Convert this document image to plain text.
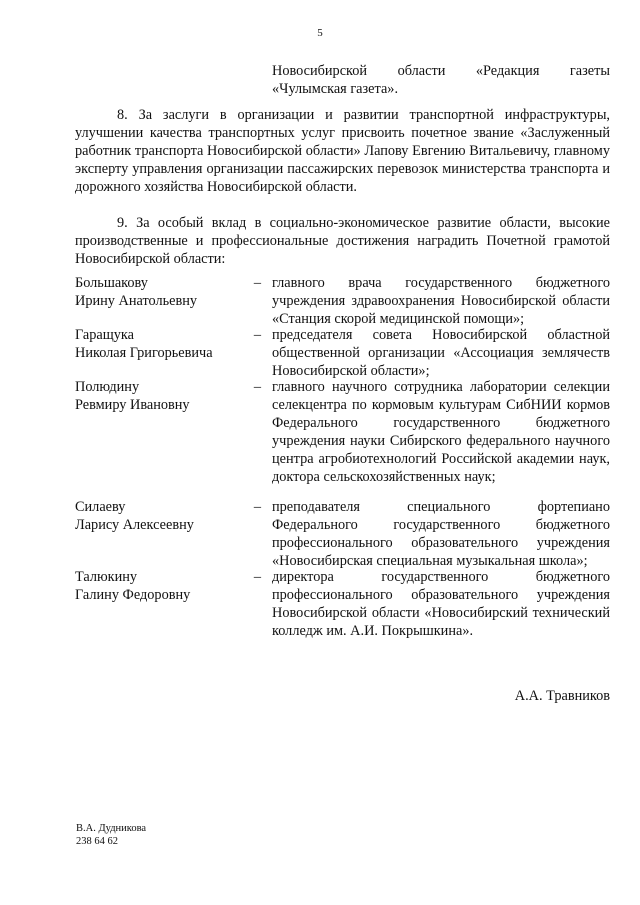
5
Новосибирской области «Редакция газеты
«Чулымская газета».
8. За заслуги в организации и развитии транспортной инфраструктуры, улучшении качества транспортных услуг присвоить почетное звание «Заслуженный работник транспорта Новосибирской области» Лапову Евгению Витальевичу, главному эксперту управления организации пассажирских перевозок министерства транспорта и дорожного хозяйства Новосибирской области.
9. За особый вклад в социально-экономическое развитие области, высокие производственные и профессиональные достижения наградить Почетной грамотой Новосибирской области:
Большакову
Ирину Анатольевну
– главного врача государственного бюджетного учреждения здравоохранения Новосибирской области «Станция скорой медицинской помощи»;
Гаращука
Николая Григорьевича
– председателя совета Новосибирской областной общественной организации «Ассоциация землячеств Новосибирской области»;
Полюдину
Ревмиру Ивановну
– главного научного сотрудника лаборатории селекции селекцентра по кормовым культурам СибНИИ кормов Федерального государственного бюджетного учреждения науки Сибирского федерального научного центра агробиотехнологий Российской академии наук, доктора сельскохозяйственных наук;
Силаеву
Ларису Алексеевну
– преподавателя специального фортепиано Федерального государственного бюджетного профессионального образовательного учреждения «Новосибирская специальная музыкальная школа»;
Талюкину
Галину Федоровну
– директора государственного бюджетного профессионального образовательного учреждения Новосибирской области «Новосибирский технический колледж им. А.И. Покрышкина».
А.А. Травников
В.А. Дудникова
238 64 62
